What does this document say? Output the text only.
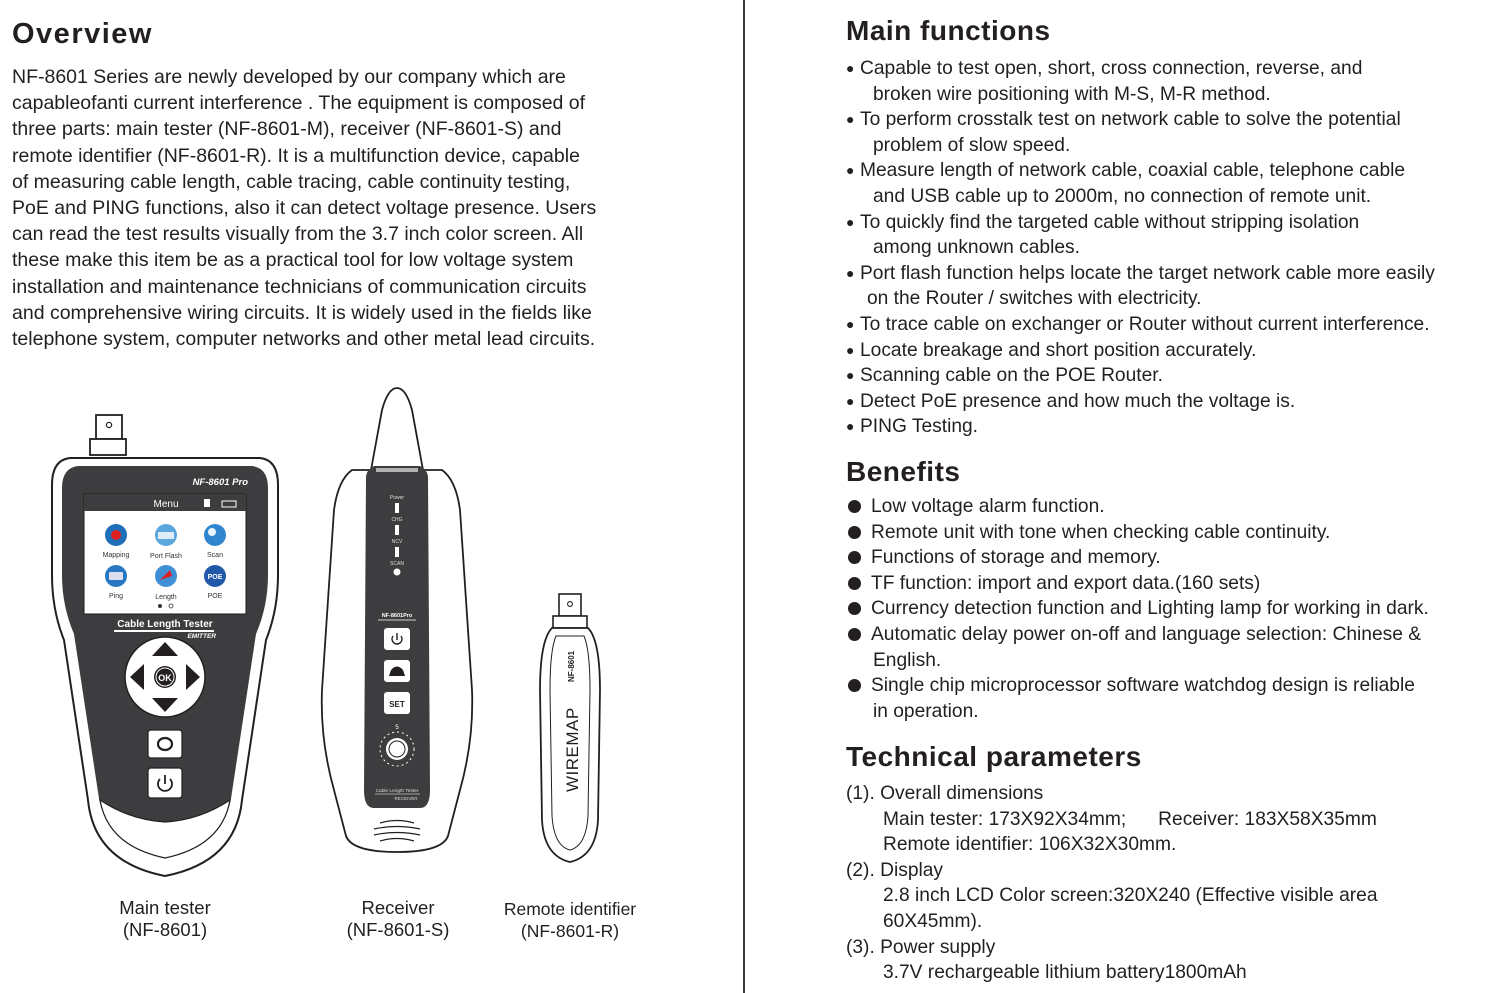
Overview
NF-8601 Series are newly developed by our company which are
capableofanti current interference . The equipment is composed of
three parts: main tester (NF-8601-M), receiver (NF-8601-S) and
remote identifier (NF-8601-R). It is a multifunction device, capable
of measuring cable length, cable tracing, cable continuity testing,
PoE and PING functions, also it can detect voltage presence. Users
can read the test results visually from the 3.7 inch color screen. All
these make this item be as a practical tool for low voltage system
installation and maintenance technicians of communication circuits
and comprehensive wiring circuits. It is widely used in the fields like
telephone system, computer networks and other metal lead circuits.
NF-8601 Pro
Menu
Mapping	Port Flash	Scan
POE
Ping	Length	POE
Cable Length Tester
EMITTER
OK
Power
CHG
NCV
SCAN
NF-8601Pro
SET
5
Cable Length Tester
RECEIVER
NF-8601
WIREMAP
Main tester
(NF-8601)
Receiver
(NF-8601-S)
Remote identifier
(NF-8601-R)
Main functions
● Capable to test open, short, cross connection, reverse, and
broken wire positioning with M-S, M-R method.
● To perform crosstalk test on network cable to solve the potential
problem of slow speed.
● Measure length of network cable, coaxial cable, telephone cable
and USB cable up to 2000m, no connection of remote unit.
● To quickly find the targeted cable without stripping isolation
among unknown cables.
● Port flash function helps locate the target network cable more easily
on the Router / switches with electricity.
● To trace cable on exchanger or Router without current interference.
● Locate breakage and short position accurately.
● Scanning cable on the POE Router.
● Detect PoE presence and how much the voltage is.
● PING Testing.
Benefits
Low voltage alarm function.
Remote unit with tone when checking cable continuity.
Functions of storage and memory.
TF function: import and export data.(160 sets)
Currency detection function and Lighting lamp for working in dark.
Automatic delay power on-off and language selection: Chinese &
English.
Single chip microprocessor software watchdog design is reliable
in operation.
Technical parameters
(1). Overall dimensions
Main tester: 173X92X34mm; Receiver: 183X58X35mm
Remote identifier: 106X32X30mm.
(2). Display
2.8 inch LCD Color screen:320X240 (Effective visible area
60X45mm).
(3). Power supply
3.7V rechargeable lithium battery1800mAh
